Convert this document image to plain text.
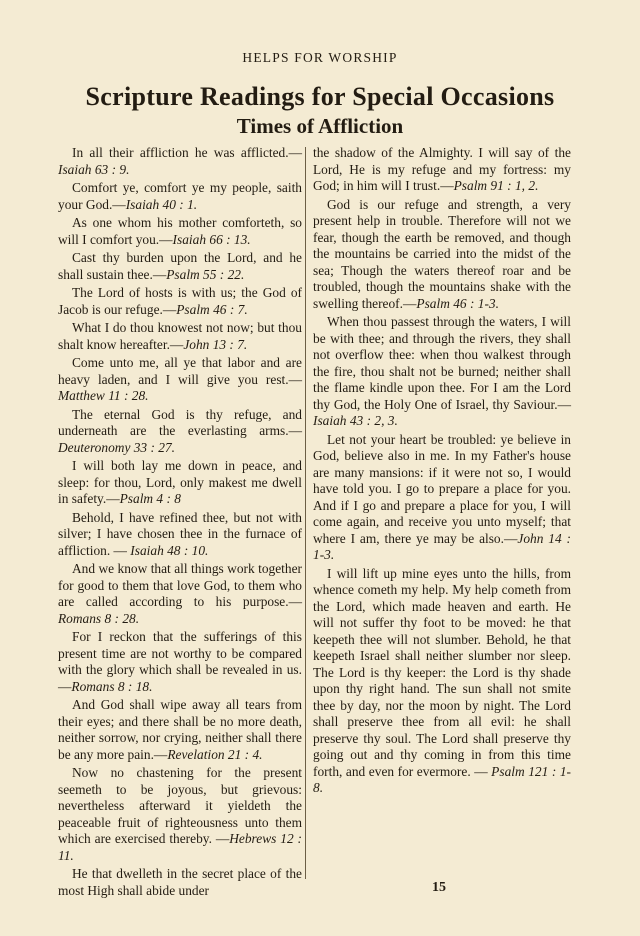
HELPS FOR WORSHIP
Scripture Readings for Special Occasions
Times of Affliction

In all their affliction he was afflicted.—Isaiah 63 : 9.

Comfort ye, comfort ye my people, saith your God.—Isaiah 40 : 1.

As one whom his mother comforteth, so will I comfort you.—Isaiah 66 : 13.

Cast thy burden upon the Lord, and he shall sustain thee.—Psalm 55 : 22.

The Lord of hosts is with us; the God of Jacob is our refuge.—Psalm 46 : 7.

What I do thou knowest not now; but thou shalt know hereafter.—John 13 : 7.

Come unto me, all ye that labor and are heavy laden, and I will give you rest.—Matthew 11 : 28.

The eternal God is thy refuge, and underneath are the everlasting arms.—Deuteronomy 33 : 27.

I will both lay me down in peace, and sleep: for thou, Lord, only makest me dwell in safety.—Psalm 4 : 8

Behold, I have refined thee, but not with silver; I have chosen thee in the furnace of affliction. — Isaiah 48 : 10.

And we know that all things work together for good to them that love God, to them who are called according to his purpose.—Romans 8 : 28.

For I reckon that the sufferings of this present time are not worthy to be compared with the glory which shall be revealed in us.—Romans 8 : 18.

And God shall wipe away all tears from their eyes; and there shall be no more death, neither sorrow, nor crying, neither shall there be any more pain.—Revelation 21 : 4.

Now no chastening for the present seemeth to be joyous, but grievous: nevertheless afterward it yieldeth the peaceable fruit of righteousness unto them which are exercised thereby. —Hebrews 12 : 11.

He that dwelleth in the secret place of the most High shall abide under

the shadow of the Almighty. I will say of the Lord, He is my refuge and my fortress: my God; in him will I trust.—Psalm 91 : 1, 2.

God is our refuge and strength, a very present help in trouble. Therefore will not we fear, though the earth be removed, and though the mountains be carried into the midst of the sea; Though the waters thereof roar and be troubled, though the mountains shake with the swelling thereof.—Psalm 46 : 1-3.

When thou passest through the waters, I will be with thee; and through the rivers, they shall not overflow thee: when thou walkest through the fire, thou shalt not be burned; neither shall the flame kindle upon thee. For I am the Lord thy God, the Holy One of Israel, thy Saviour.—Isaiah 43 : 2, 3.

Let not your heart be troubled: ye believe in God, believe also in me. In my Father's house are many mansions: if it were not so, I would have told you. I go to prepare a place for you. And if I go and prepare a place for you, I will come again, and receive you unto myself; that where I am, there ye may be also.—John 14 : 1-3.

I will lift up mine eyes unto the hills, from whence cometh my help. My help cometh from the Lord, which made heaven and earth. He will not suffer thy foot to be moved: he that keepeth thee will not slumber. Behold, he that keepeth Israel shall neither slumber nor sleep. The Lord is thy keeper: the Lord is thy shade upon thy right hand. The sun shall not smite thee by day, nor the moon by night. The Lord shall preserve thee from all evil: he shall preserve thy soul. The Lord shall preserve thy going out and thy coming in from this time forth, and even for evermore. — Psalm 121 : 1-8.

15
